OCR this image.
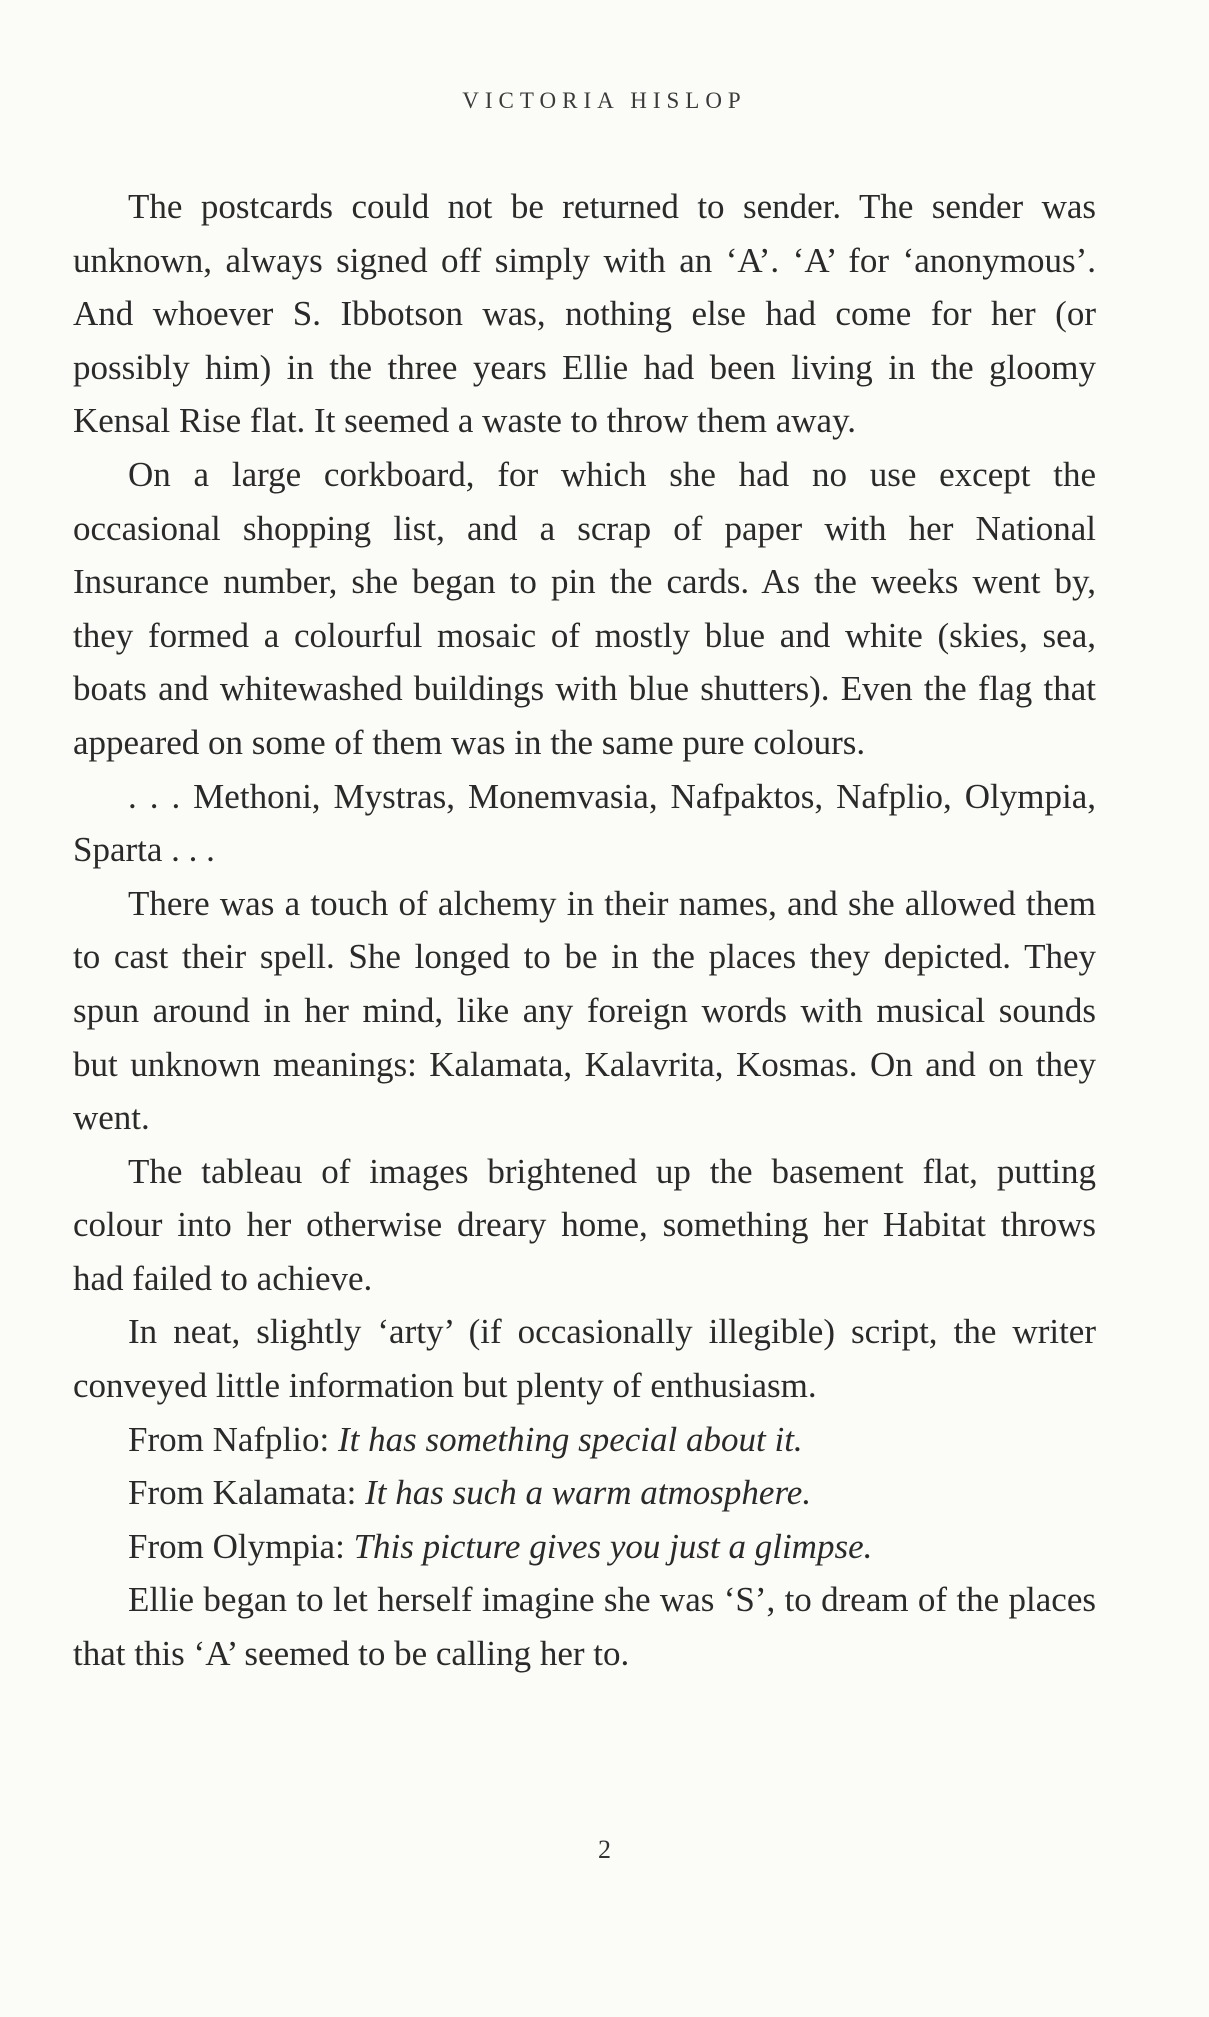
VICTORIA HISLOP

The postcards could not be returned to sender. The sender was unknown, always signed off simply with an ‘A’. ‘A’ for ‘anonymous’. And whoever S. Ibbotson was, nothing else had come for her (or possibly him) in the three years Ellie had been living in the gloomy Kensal Rise flat. It seemed a waste to throw them away.

On a large corkboard, for which she had no use except the occasional shopping list, and a scrap of paper with her National Insurance number, she began to pin the cards. As the weeks went by, they formed a colourful mosaic of mostly blue and white (skies, sea, boats and whitewashed buildings with blue shutters). Even the flag that appeared on some of them was in the same pure colours.

. . . Methoni, Mystras, Monemvasia, Nafpaktos, Nafplio, Olympia, Sparta . . .

There was a touch of alchemy in their names, and she allowed them to cast their spell. She longed to be in the places they depicted. They spun around in her mind, like any foreign words with musical sounds but unknown meanings: Kalamata, Kalavrita, Kosmas. On and on they went.

The tableau of images brightened up the basement flat, putting colour into her otherwise dreary home, something her Habitat throws had failed to achieve.

In neat, slightly ‘arty’ (if occasionally illegible) script, the writer conveyed little information but plenty of enthusiasm.

From Nafplio: It has something special about it.

From Kalamata: It has such a warm atmosphere.

From Olympia: This picture gives you just a glimpse.

Ellie began to let herself imagine she was ‘S’, to dream of the places that this ‘A’ seemed to be calling her to.

2
